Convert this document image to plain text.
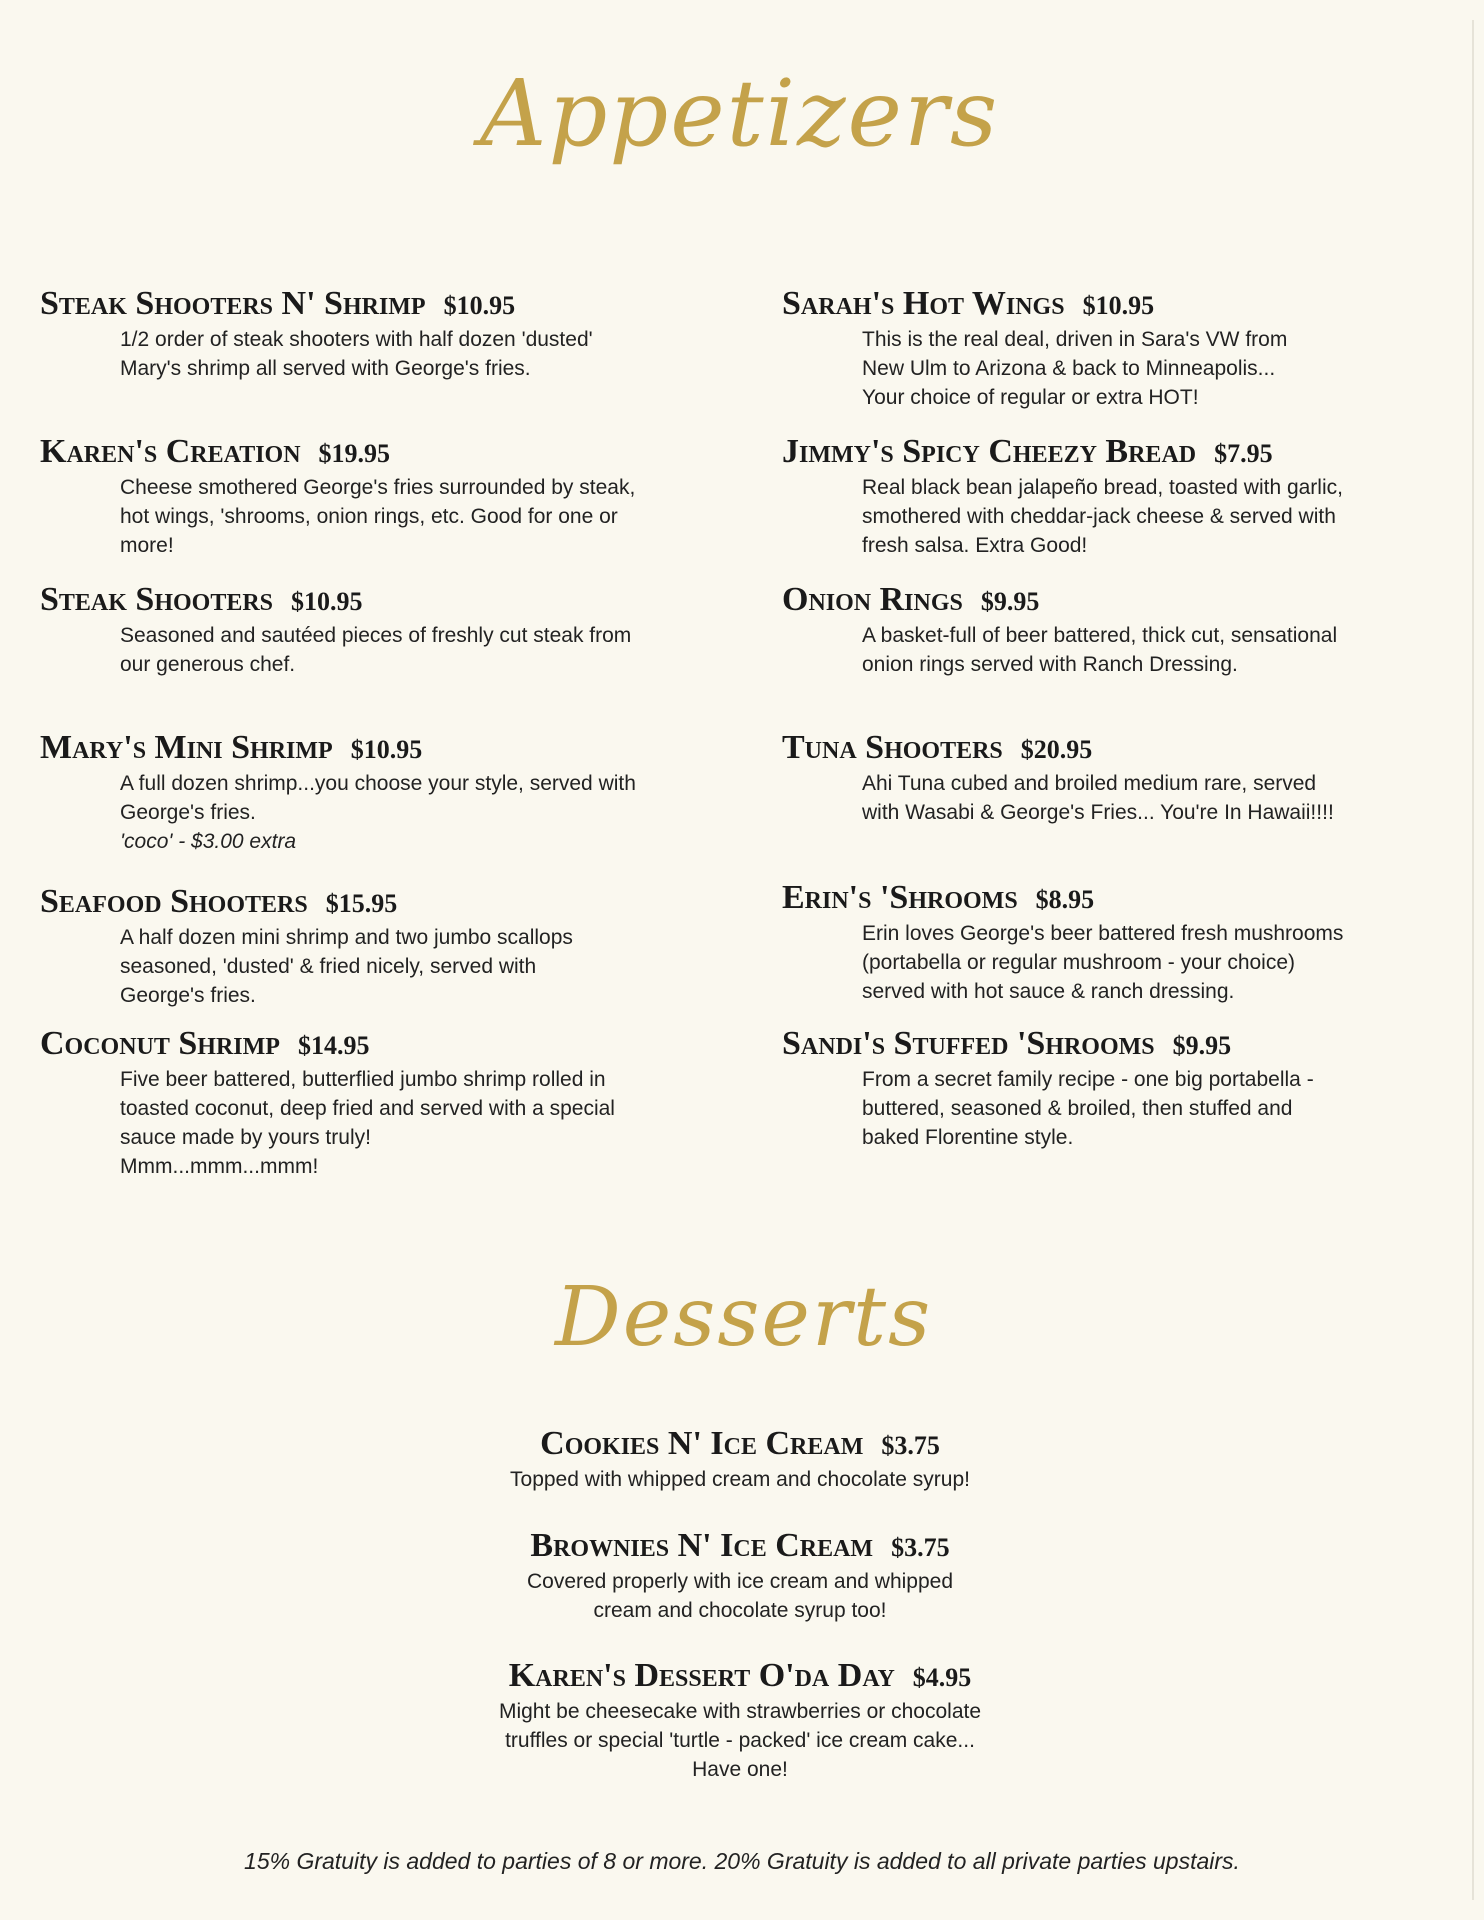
Appetizers
Steak Shooters N' Shrimp $10.95
1/2 order of steak shooters with half dozen 'dusted'
Mary's shrimp all served with George's fries.
Karen's Creation $19.95
Cheese smothered George's fries surrounded by steak,
hot wings, 'shrooms, onion rings, etc. Good for one or
more!
Steak Shooters $10.95
Seasoned and sautéed pieces of freshly cut steak from
our generous chef.
Mary's Mini Shrimp $10.95
A full dozen shrimp...you choose your style, served with
George's fries.
'coco' - $3.00 extra
Seafood Shooters $15.95
A half dozen mini shrimp and two jumbo scallops
seasoned, 'dusted' & fried nicely, served with
George's fries.
Coconut Shrimp $14.95
Five beer battered, butterflied jumbo shrimp rolled in
toasted coconut, deep fried and served with a special
sauce made by yours truly!
Mmm...mmm...mmm!
Sarah's Hot Wings $10.95
This is the real deal, driven in Sara's VW from
New Ulm to Arizona & back to Minneapolis...
Your choice of regular or extra HOT!
Jimmy's Spicy Cheezy Bread $7.95
Real black bean jalapeño bread, toasted with garlic,
smothered with cheddar-jack cheese & served with
fresh salsa. Extra Good!
Onion Rings $9.95
A basket-full of beer battered, thick cut, sensational
onion rings served with Ranch Dressing.
Tuna Shooters $20.95
Ahi Tuna cubed and broiled medium rare, served
with Wasabi & George's Fries... You're In Hawaii!!!!
Erin's 'Shrooms $8.95
Erin loves George's beer battered fresh mushrooms
(portabella or regular mushroom - your choice)
served with hot sauce & ranch dressing.
Sandi's Stuffed 'Shrooms $9.95
From a secret family recipe - one big portabella -
buttered, seasoned & broiled, then stuffed and
baked Florentine style.
Desserts
Cookies N' Ice Cream $3.75
Topped with whipped cream and chocolate syrup!
Brownies N' Ice Cream $3.75
Covered properly with ice cream and whipped
cream and chocolate syrup too!
Karen's Dessert O'da Day $4.95
Might be cheesecake with strawberries or chocolate
truffles or special 'turtle - packed' ice cream cake...
Have one!
15% Gratuity is added to parties of 8 or more. 20% Gratuity is added to all private parties upstairs.
